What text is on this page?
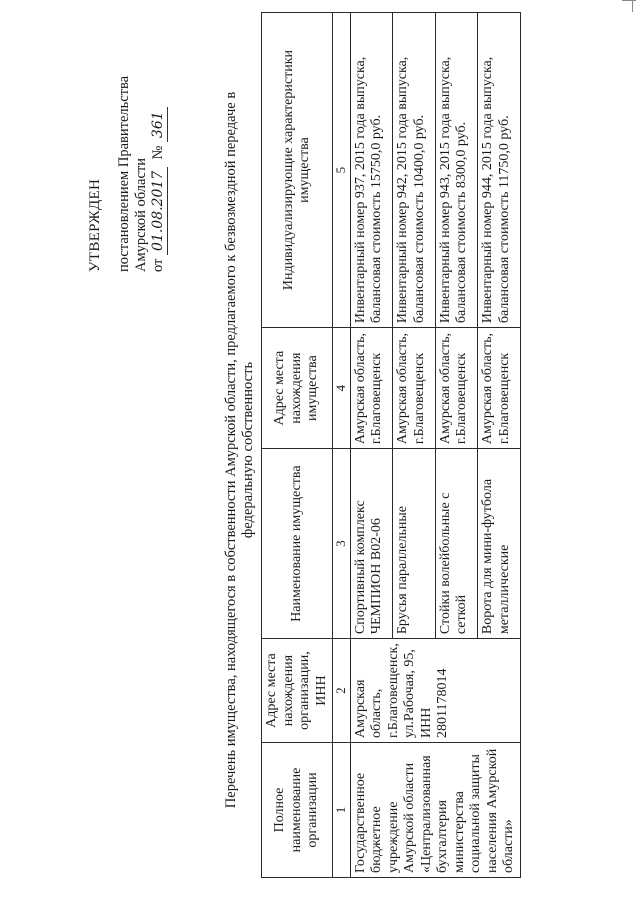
УТВЕРЖДЕН постановлением Правительства Амурской области от 01.08.2017  № 361	Перечень имущества, находящегося в собственности Амурской области, предлагаемого к безвозмездной передаче в федеральную собственность
Полное наименование организации	Адрес места нахождения организации, ИНН	Наименование имущества	Адрес места нахождения имущества	Индивидуализирующие характеристики имущества
1	2	3	4	5
Государственное бюджетное учреждение Амурской области «Централизованная бухгалтерия министерства социальной защиты населения Амурской области»	Амурская область, г.Благовещенск, ул.Рабочая, 95, ИНН 2801178014	Спортивный комплекс ЧЕМПИОН В02-06	Амурская область, г.Благовещенск	Инвентарный номер 937, 2015 года выпуска, балансовая стоимость 15750,0 руб.
		Брусья параллельные	Амурская область, г.Благовещенск	Инвентарный номер 942, 2015 года выпуска, балансовая стоимость 10400,0 руб.
		Стойки волейбольные с сеткой	Амурская область, г.Благовещенск	Инвентарный номер 943, 2015 года выпуска, балансовая стоимость 8300,0 руб.
		Ворота для мини-футбола металлические	Амурская область, г.Благовещенск	Инвентарный номер 944, 2015 года выпуска, балансовая стоимость 11750,0 руб.
